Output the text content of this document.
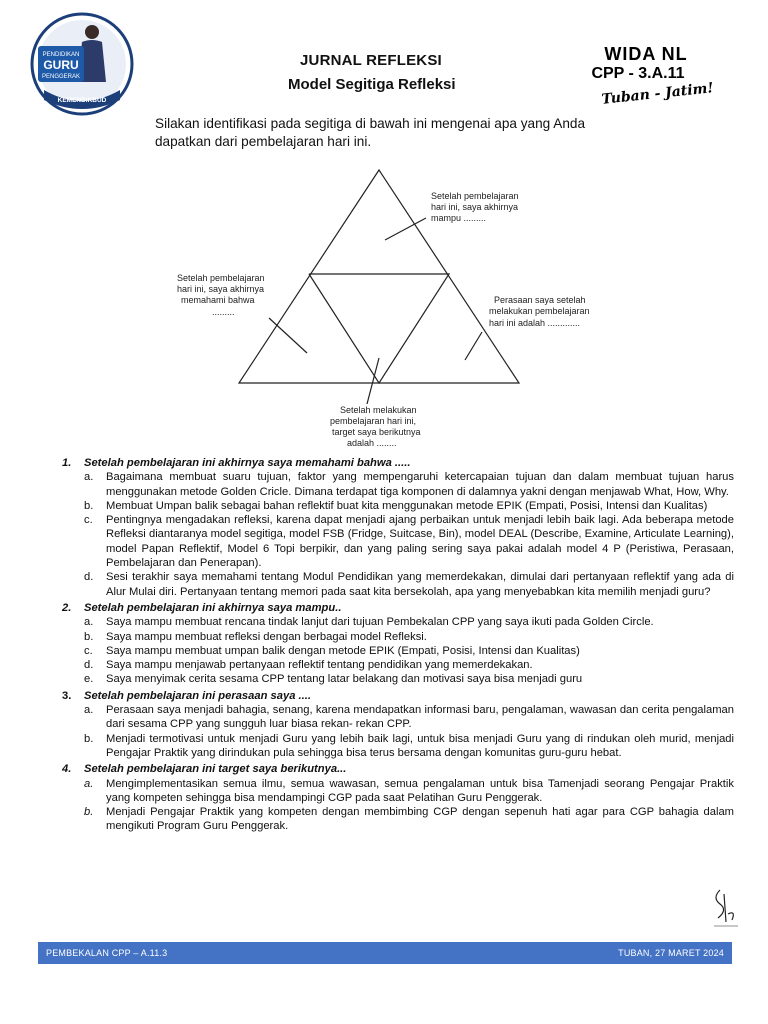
PENDIDIKAN
GURU
PENGGERAK
KEMENDIKBUD
JURNAL REFLEKSI
Model Segitiga Refleksi
WIDA NL
CPP - 3.A.11
Tuban - Jatim!
Silakan identifikasi pada segitiga di bawah ini mengenai apa yang Anda dapatkan dari pembelajaran hari ini.
Setelah pembelajaran hari ini, saya akhirnya mampu .........
Setelah pembelajaran hari ini, saya akhirnya memahami bahwa .........
Perasaan saya setelah melakukan pembelajaran hari ini adalah .............
Setelah melakukan pembelajaran hari ini, target saya berikutnya adalah ........
1.	Setelah pembelajaran ini akhirnya saya memahami bahwa .....
a.	Bagaimana membuat suaru tujuan, faktor yang mempengaruhi ketercapaian tujuan dan dalam membuat tujuan harus menggunakan metode Golden Cricle. Dimana terdapat tiga komponen di dalamnya yakni dengan menjawab What, How, Why.
b.	Membuat Umpan balik sebagai bahan reflektif buat kita menggunakan metode EPIK (Empati, Posisi, Intensi dan Kualitas)
c.	Pentingnya mengadakan refleksi, karena dapat menjadi ajang perbaikan untuk menjadi lebih baik lagi. Ada beberapa metode Refleksi diantaranya model segitiga, model FSB (Fridge, Suitcase, Bin), model DEAL (Describe, Examine, Articulate Learning), model Papan Reflektif, Model 6 Topi berpikir, dan yang paling sering saya pakai adalah model 4 P (Peristiwa, Perasaan, Pembelajaran dan Penerapan).
d.	Sesi terakhir saya memahami tentang Modul Pendidikan yang memerdekakan, dimulai dari pertanyaan reflektif yang ada di Alur Mulai diri. Pertanyaan tentang memori pada saat kita bersekolah, apa yang menyebabkan kita memilih menjadi guru?
2.	Setelah pembelajaran ini akhirnya saya mampu..
a.	Saya mampu membuat rencana tindak lanjut dari tujuan Pembekalan CPP yang saya ikuti pada Golden Circle.
b.	Saya mampu membuat refleksi dengan berbagai model Refleksi.
c.	Saya mampu membuat umpan balik dengan metode EPIK (Empati, Posisi, Intensi dan Kualitas)
d.	Saya mampu menjawab pertanyaan reflektif tentang pendidikan yang memerdekakan.
e.	Saya menyimak cerita sesama CPP tentang latar belakang dan motivasi saya bisa menjadi guru
3.	Setelah pembelajaran ini perasaan saya ....
a.	Perasaan saya menjadi bahagia, senang, karena mendapatkan informasi baru, pengalaman, wawasan dan cerita pengalaman dari sesama CPP yang sungguh luar biasa rekan- rekan CPP.
b.	Menjadi termotivasi untuk menjadi Guru yang lebih baik lagi, untuk bisa menjadi Guru yang di rindukan oleh murid, menjadi Pengajar Praktik yang dirindukan pula sehingga bisa terus bersama dengan komunitas guru-guru hebat.
4.	Setelah pembelajaran ini target saya berikutnya...
a.	Mengimplementasikan semua ilmu, semua wawasan, semua pengalaman untuk bisa Tamenjadi seorang Pengajar Praktik yang kompeten sehingga bisa mendampingi CGP pada saat Pelatihan Guru Penggerak.
b.	Menjadi Pengajar Praktik yang kompeten dengan membimbing CGP dengan sepenuh hati agar para CGP bahagia dalam mengikuti Program Guru Penggerak.
PEMBEKALAN CPP – A.11.3	TUBAN, 27 MARET 2024
